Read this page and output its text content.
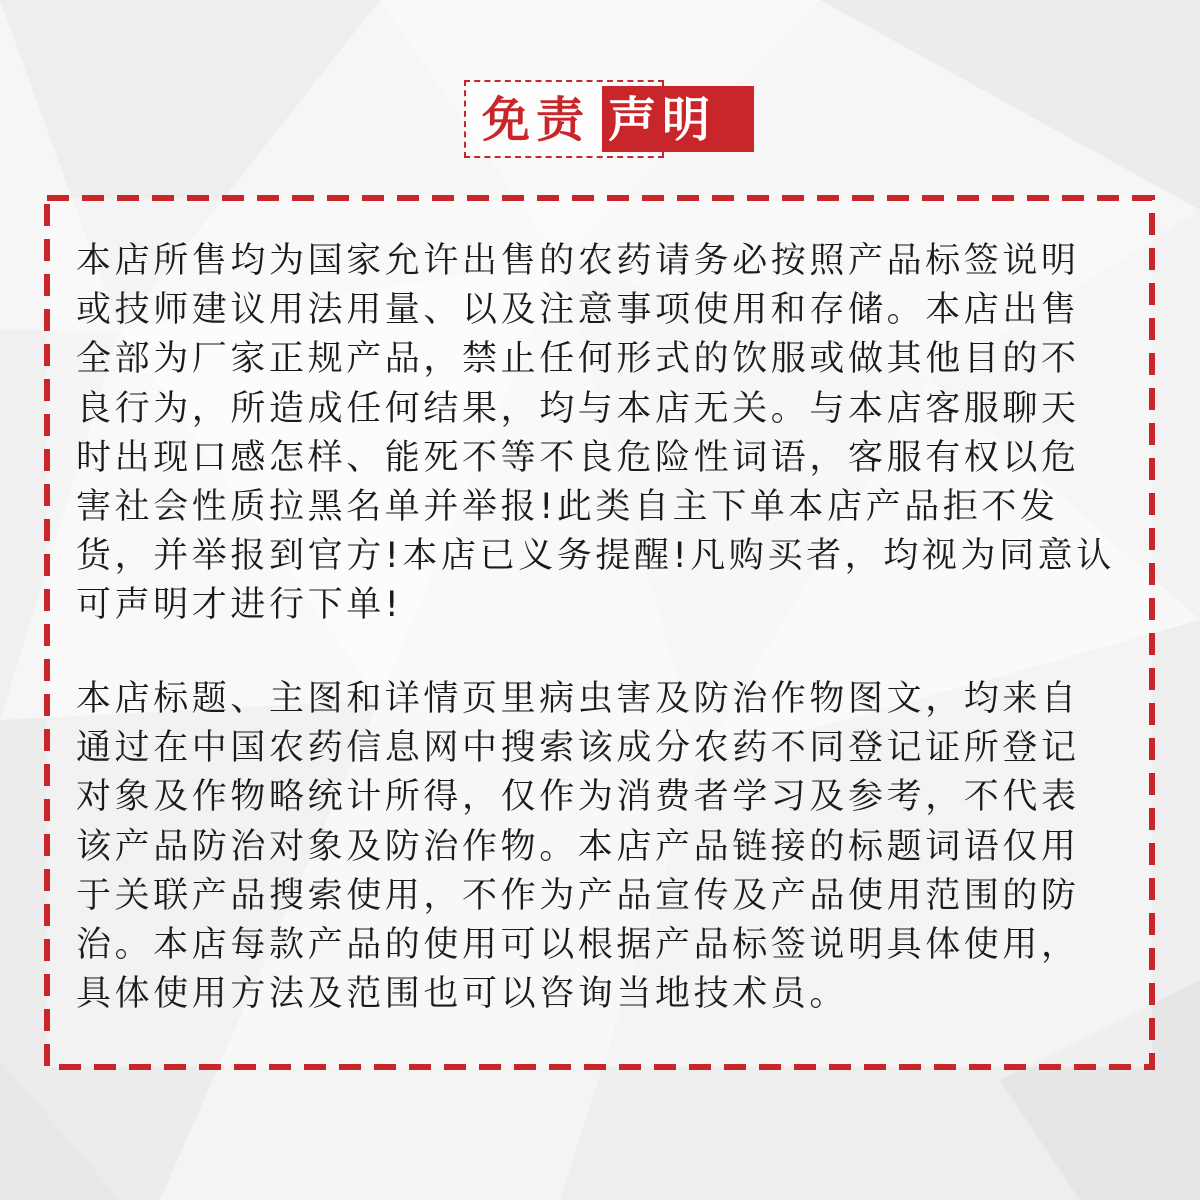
免责 声明
本店所售均为国家允许出售的农药请务必按照产品标签说明或技师建议用法用量、以及注意事项使用和存储。本店出售全部为厂家正规产品，禁止任何形式的饮服或做其他目的不良行为，所造成任何结果，均与本店无关。与本店客服聊天时出现口感怎样、能死不等不良危险性词语，客服有权以危害社会性质拉黑名单并举报!此类自主下单本店产品拒不发货，并举报到官方!本店已义务提醒!凡购买者，均视为同意认可声明才进行下单!
本店标题、主图和详情页里病虫害及防治作物图文，均来自通过在中国农药信息网中搜索该成分农药不同登记证所登记对象及作物略统计所得，仅作为消费者学习及参考，不代表该产品防治对象及防治作物。本店产品链接的标题词语仅用于关联产品搜索使用，不作为产品宣传及产品使用范围的防治。本店每款产品的使用可以根据产品标签说明具体使用，具体使用方法及范围也可以咨询当地技术员。
